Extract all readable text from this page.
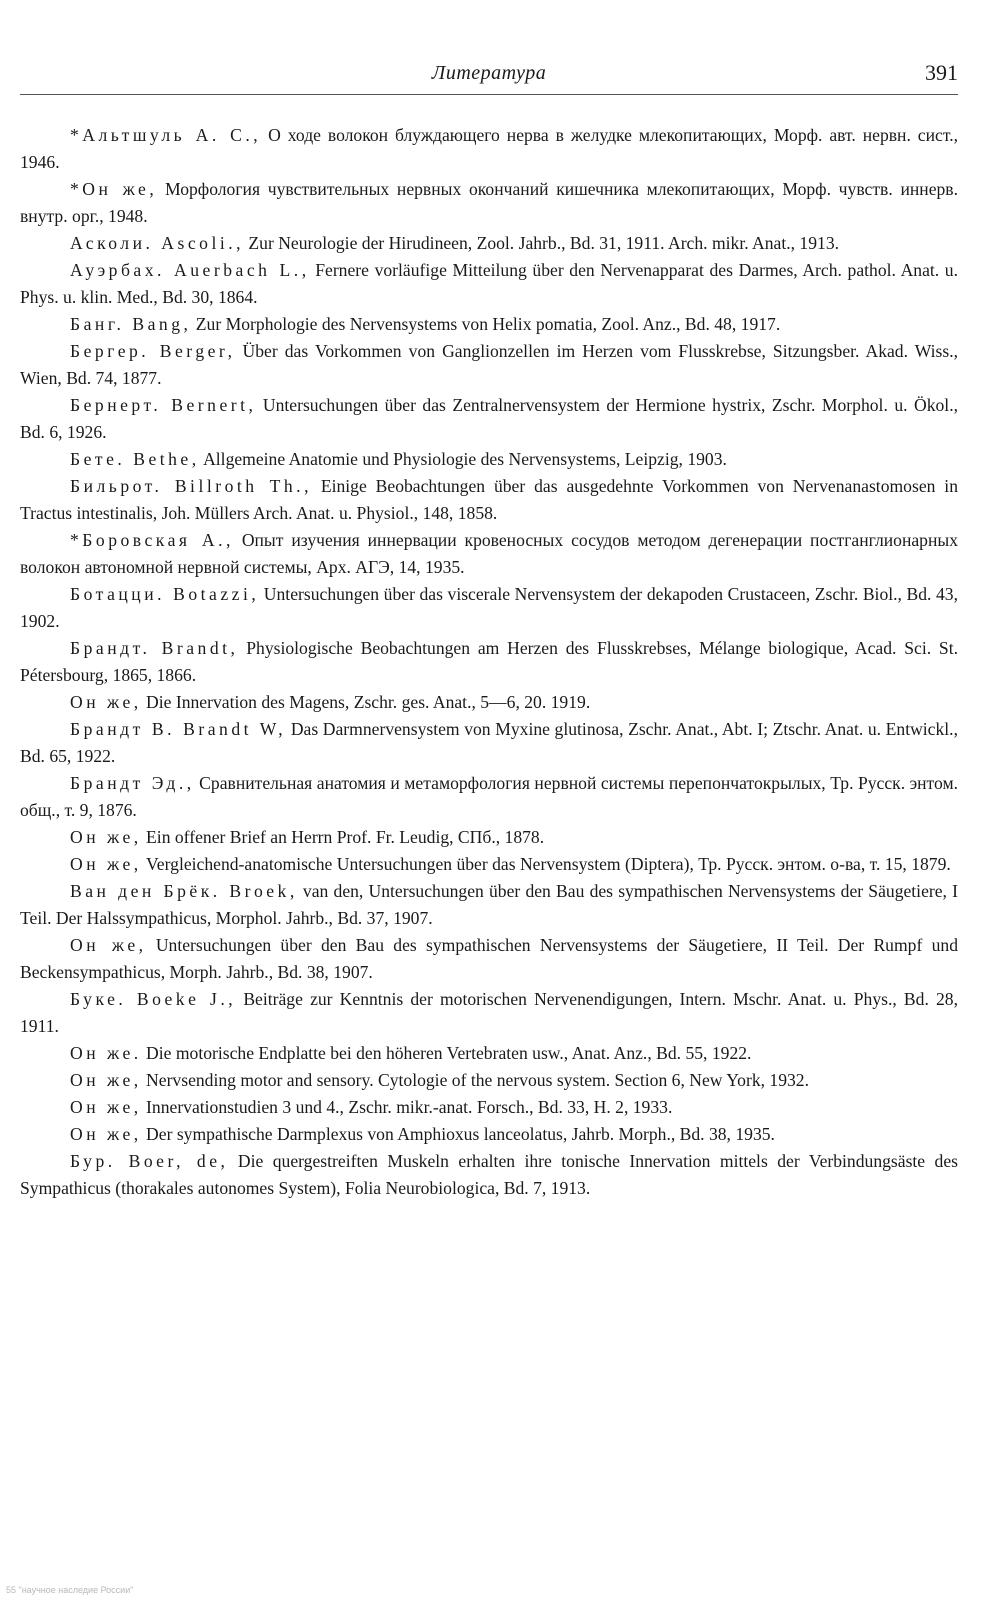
Литература	391

*Альтшуль А. С., О ходе волокон блуждающего нерва в желудке млекопитающих, Морф. авт. нервн. сист., 1946.

*Он же, Морфология чувствительных нервных окончаний кишечника млекопитающих, Морф. чувств. иннерв. внутр. орг., 1948.

Асколи. Ascoli., Zur Neurologie der Hirudineen, Zool. Jahrb., Bd. 31, 1911. Arch. mikr. Anat., 1913.

Ауэрбах. Auerbach L., Fernere vorläufige Mitteilung über den Nervenapparat des Darmes, Arch. pathol. Anat. u. Phys. u. klin. Med., Bd. 30, 1864.

Банг. Bang, Zur Morphologie des Nervensystems von Helix pomatia, Zool. Anz., Bd. 48, 1917.

Бергер. Berger, Über das Vorkommen von Ganglionzellen im Herzen vom Flusskrebse, Sitzungsber. Akad. Wiss., Wien, Bd. 74, 1877.

Бернерт. Bernert, Untersuchungen über das Zentralnervensystem der Hermione hystrix, Zschr. Morphol. u. Ökol., Bd. 6, 1926.

Бете. Bethe, Allgemeine Anatomie und Physiologie des Nervensystems, Leipzig, 1903.

Бильрот. Billroth Th., Einige Beobachtungen über das ausgedehnte Vorkommen von Nervenanastomosen in Tractus intestinalis, Joh. Müllers Arch. Anat. u. Physiol., 148, 1858.

*Боровская А., Опыт изучения иннервации кровеносных сосудов методом дегенерации постганглионарных волокон автономной нервной системы, Арх. АГЭ, 14, 1935.

Ботацци. Botazzi, Untersuchungen über das viscerale Nervensystem der dekapoden Crustaceen, Zschr. Biol., Bd. 43, 1902.

Брандт. Brandt, Physiologische Beobachtungen am Herzen des Flusskrebses, Mélange biologique, Acad. Sci. St. Pétersbourg, 1865, 1866.

Он же, Die Innervation des Magens, Zschr. ges. Anat., 5—6, 20. 1919.

Брандт В. Brandt W, Das Darmnervensystem von Myxine glutinosa, Zschr. Anat., Abt. I; Ztschr. Anat. u. Entwickl., Bd. 65, 1922.

Брандт Эд., Сравнительная анатомия и метаморфология нервной системы перепончатокрылых, Тр. Русск. энтом. общ., т. 9, 1876.

Он же, Ein offener Brief an Herrn Prof. Fr. Leudig, СПб., 1878.

Он же, Vergleichend-anatomische Untersuchungen über das Nervensystem (Diptera), Тр. Русск. энтом. о-ва, т. 15, 1879.

Ван ден Брёк. Broek, van den, Untersuchungen über den Bau des sympathischen Nervensystems der Säugetiere, I Teil. Der Halssympathicus, Morphol. Jahrb., Bd. 37, 1907.

Он же, Untersuchungen über den Bau des sympathischen Nervensystems der Säugetiere, II Teil. Der Rumpf und Beckensympathicus, Morph. Jahrb., Bd. 38, 1907.

Буке. Boeke J., Beiträge zur Kenntnis der motorischen Nervenendigungen, Intern. Mschr. Anat. u. Phys., Bd. 28, 1911.

Он же. Die motorische Endplatte bei den höheren Vertebraten usw., Anat. Anz., Bd. 55, 1922.

Он же, Nervsending motor and sensory. Cytologie of the nervous system. Section 6, New York, 1932.

Он же, Innervationstudien 3 und 4., Zschr. mikr.-anat. Forsch., Bd. 33, H. 2, 1933.

Он же, Der sympathische Darmplexus von Amphioxus lanceolatus, Jahrb. Morph., Bd. 38, 1935.

Бур. Boer, de, Die quergestreiften Muskeln erhalten ihre tonische Innervation mittels der Verbindungsäste des Sympathicus (thorakales autonomes System), Folia Neurobiologica, Bd. 7, 1913.

55 "научное наследие России"
